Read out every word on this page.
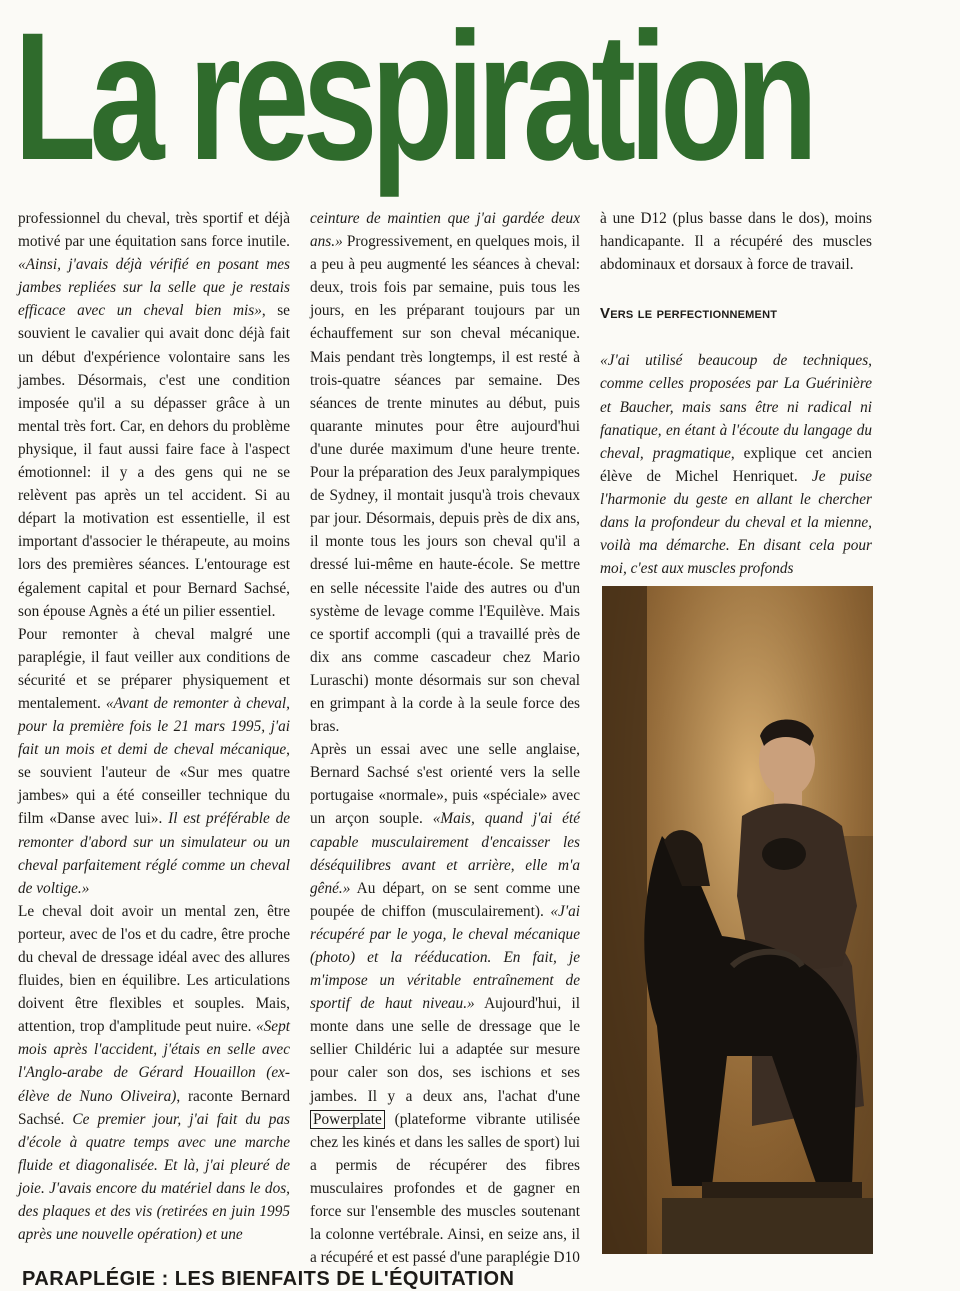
La respiration

professionnel du cheval, très sportif et déjà motivé par une équitation sans force inutile. «Ainsi, j'avais déjà vérifié en posant mes jambes repliées sur la selle que je restais efficace avec un cheval bien mis», se souvient le cavalier qui avait donc déjà fait un début d'expérience volontaire sans les jambes. Désormais, c'est une condition imposée qu'il a su dépasser grâce à un mental très fort. Car, en dehors du problème physique, il faut aussi faire face à l'aspect émotionnel: il y a des gens qui ne se relèvent pas après un tel accident. Si au départ la motivation est essentielle, il est important d'associer le thérapeute, au moins lors des premières séances. L'entourage est également capital et pour Bernard Sachsé, son épouse Agnès a été un pilier essentiel.

Pour remonter à cheval malgré une paraplégie, il faut veiller aux conditions de sécurité et se préparer physiquement et mentalement. «Avant de remonter à cheval, pour la première fois le 21 mars 1995, j'ai fait un mois et demi de cheval mécanique, se souvient l'auteur de «Sur mes quatre jambes» qui a été conseiller technique du film «Danse avec lui». Il est préférable de remonter d'abord sur un simulateur ou un cheval parfaitement réglé comme un cheval de voltige.»

Le cheval doit avoir un mental zen, être porteur, avec de l'os et du cadre, être proche du cheval de dressage idéal avec des allures fluides, bien en équilibre. Les articulations doivent être flexibles et souples. Mais, attention, trop d'amplitude peut nuire. «Sept mois après l'accident, j'étais en selle avec l'Anglo-arabe de Gérard Houaillon (ex-élève de Nuno Oliveira), raconte Bernard Sachsé. Ce premier jour, j'ai fait du pas d'école à quatre temps avec une marche fluide et diagonalisée. Et là, j'ai pleuré de joie. J'avais encore du matériel dans le dos, des plaques et des vis (retirées en juin 1995 après une nouvelle opération) et une

ceinture de maintien que j'ai gardée deux ans.» Progressivement, en quelques mois, il a peu à peu augmenté les séances à cheval: deux, trois fois par semaine, puis tous les jours, en les préparant toujours par un échauffement sur son cheval mécanique. Mais pendant très longtemps, il est resté à trois-quatre séances par semaine. Des séances de trente minutes au début, puis quarante minutes pour être aujourd'hui d'une durée maximum d'une heure trente. Pour la préparation des Jeux paralympiques de Sydney, il montait jusqu'à trois chevaux par jour. Désormais, depuis près de dix ans, il monte tous les jours son cheval qu'il a dressé lui-même en haute-école. Se mettre en selle nécessite l'aide des autres ou d'un système de levage comme l'Equilève. Mais ce sportif accompli (qui a travaillé près de dix ans comme cascadeur chez Mario Luraschi) monte désormais sur son cheval en grimpant à la corde à la seule force des bras.

Après un essai avec une selle anglaise, Bernard Sachsé s'est orienté vers la selle portugaise «normale», puis «spéciale» avec un arçon souple. «Mais, quand j'ai été capable musculairement d'encaisser les déséquilibres avant et arrière, elle m'a gêné.» Au départ, on se sent comme une poupée de chiffon (musculairement). «J'ai récupéré par le yoga, le cheval mécanique (photo) et la rééducation. En fait, je m'impose un véritable entraînement de sportif de haut niveau.» Aujourd'hui, il monte dans une selle de dressage que le sellier Childéric lui a adaptée sur mesure pour caler son dos, ses ischions et ses jambes. Il y a deux ans, l'achat d'une Powerplate (plateforme vibrante utilisée chez les kinés et dans les salles de sport) lui a permis de récupérer des fibres musculaires profondes et de gagner en force sur l'ensemble des muscles soutenant la colonne vertébrale. Ainsi, en seize ans, il a récupéré et est passé d'une paraplégie D10

à une D12 (plus basse dans le dos), moins handicapante. Il a récupéré des muscles abdominaux et dorsaux à force de travail.

Vers le perfectionnement

«J'ai utilisé beaucoup de techniques, comme celles proposées par La Guérinière et Baucher, mais sans être ni radical ni fanatique, en étant à l'écoute du langage du cheval, pragmatique, explique cet ancien élève de Michel Henriquet. Je puise l'harmonie du geste en allant le chercher dans la profondeur du cheval et la mienne, voilà ma démarche. En disant cela pour moi, c'est aux muscles profonds

PARAPLÉGIE : LES BIENFAITS DE L'ÉQUITATION
